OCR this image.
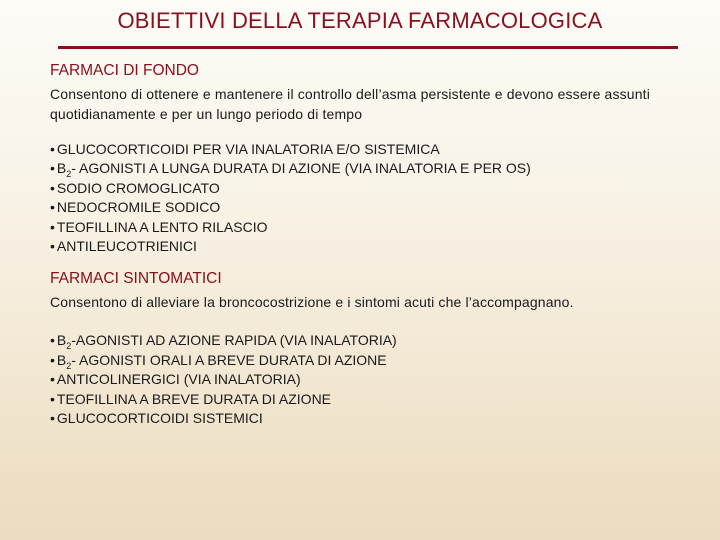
OBIETTIVI DELLA TERAPIA FARMACOLOGICA
FARMACI DI FONDO

Consentono di ottenere e mantenere il controllo dell’asma persistente e devono essere assunti quotidianamente e per un lungo periodo di tempo

• GLUCOCORTICOIDI PER VIA INALATORIA E/O SISTEMICA
• $B_2-$ AGONISTI A LUNGA DURATA DI AZIONE (VIA INALATORIA E PER OS)
• SODIO CROMOGLICATO
• NEDOCROMILE SODICO
• TEOFILLINA A LENTO RILASCIO
• ANTILEUCOTRIENICI
FARMACI SINTOMATICI

Consentono di alleviare la broncocostrizione e i sintomi acuti che l’accompagnano.

• $B_2$-AGONISTI AD AZIONE RAPIDA (VIA INALATORIA)
• $B_2-$ AGONISTI ORALI A BREVE DURATA DI AZIONE
• ANTICOLINERGICI (VIA INALATORIA)
• TEOFILLINA A BREVE DURATA DI AZIONE
• GLUCOCORTICOIDI SISTEMICI
